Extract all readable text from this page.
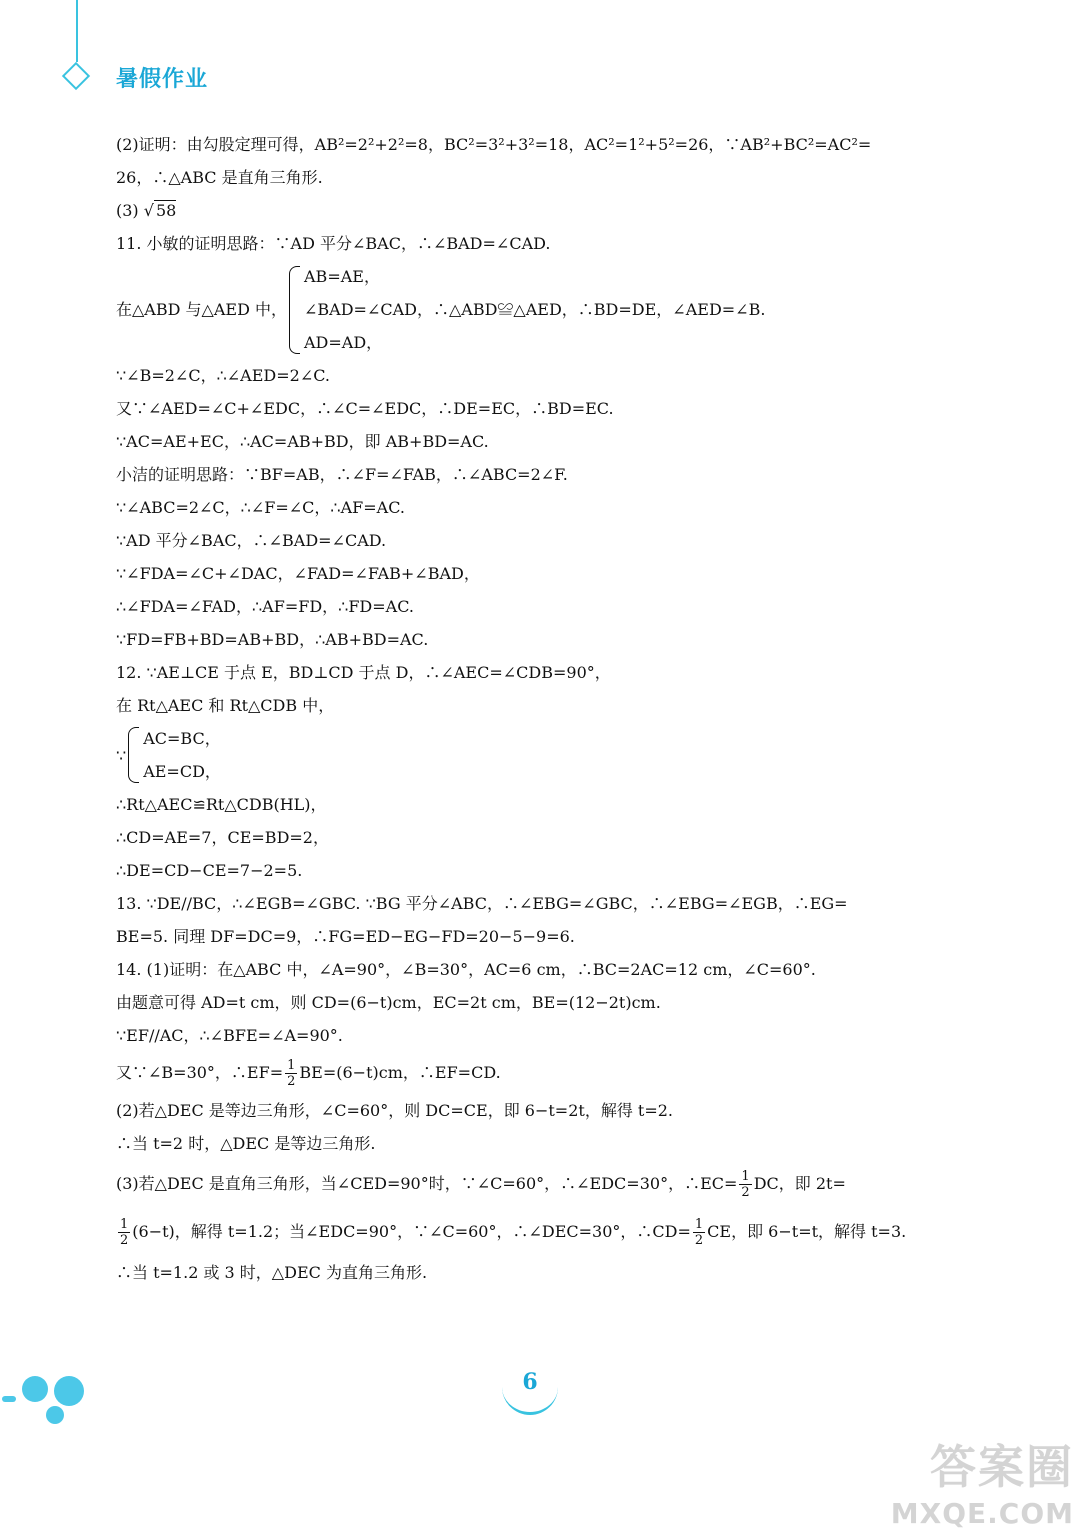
暑假作业
(2)证明：由勾股定理可得，AB²=2²+2²=8，BC²=3²+3²=18，AC²=1²+5²=26，∵AB²+BC²=AC²=
26，∴△ABC 是直角三角形.
(3) √ 58
11. 小敏的证明思路：∵AD 平分∠BAC，∴∠BAD=∠CAD.
在△ABD 与△AED 中，
AB=AE，
∠BAD=∠CAD，∴△ABD≌△AED，∴BD=DE，∠AED=∠B.
AD=AD，
∵∠B=2∠C，∴∠AED=2∠C.
又∵∠AED=∠C+∠EDC，∴∠C=∠EDC，∴DE=EC，∴BD=EC.
∵AC=AE+EC，∴AC=AB+BD，即 AB+BD=AC.
小洁的证明思路：∵BF=AB，∴∠F=∠FAB，∴∠ABC=2∠F.
∵∠ABC=2∠C，∴∠F=∠C，∴AF=AC.
∵AD 平分∠BAC，∴∠BAD=∠CAD.
∵∠FDA=∠C+∠DAC，∠FAD=∠FAB+∠BAD，
∴∠FDA=∠FAD，∴AF=FD，∴FD=AC.
∵FD=FB+BD=AB+BD，∴AB+BD=AC.
12. ∵AE⊥CE 于点 E，BD⊥CD 于点 D，∴∠AEC=∠CDB=90°，
在 Rt△AEC 和 Rt△CDB 中，
∵
AC=BC，
AE=CD，
∴Rt△AEC≌Rt△CDB(HL)，
∴CD=AE=7，CE=BD=2，
∴DE=CD−CE=7−2=5.
13. ∵DE//BC，∴∠EGB=∠GBC. ∵BG 平分∠ABC，∴∠EBG=∠GBC，∴∠EBG=∠EGB，∴EG=
BE=5. 同理 DF=DC=9，∴FG=ED−EG−FD=20−5−9=6.
14. (1)证明：在△ABC 中，∠A=90°，∠B=30°，AC=6 cm，∴BC=2AC=12 cm，∠C=60°.
由题意可得 AD=t cm，则 CD=(6−t)cm，EC=2t cm，BE=(12−2t)cm.
∵EF//AC，∴∠BFE=∠A=90°.
又∵∠B=30°，∴EF= $\frac{1}{2} BE=(6-t)cm$，∴EF=CD.
(2)若△DEC 是等边三角形，∠C=60°，则 DC=CE，即 6−t=2t，解得 t=2.
∴当 t=2 时，△DEC 是等边三角形.
(3)若△DEC 是直角三角形，当∠CED=90°时，∵∠C=60°，∴∠EDC=30°，∴EC= $\frac{1}{2}$ DC，即 2t=
$\frac{1}{2} (6-t)$，解得 t=1.2；当∠EDC=90°，∵∠C=60°，∴∠DEC=30°，∴CD= $\frac{1}{2}$ CE，即 6−t=t，解得 t=3.
∴当 t=1.2 或 3 时，△DEC 为直角三角形.
6
答案圈
MXQE.COM
